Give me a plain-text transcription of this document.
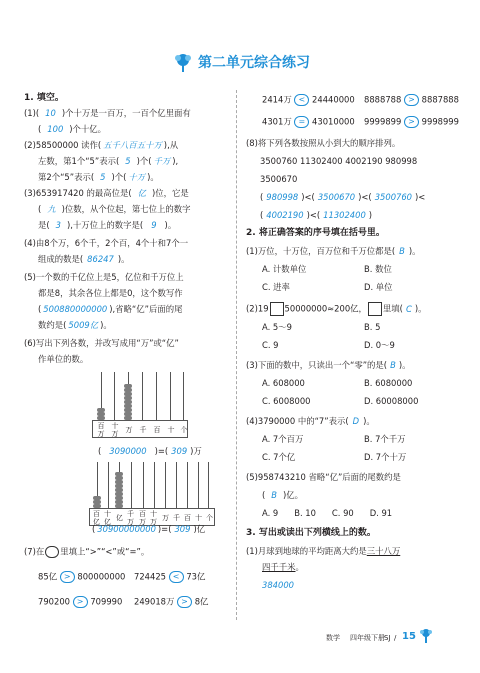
第二单元综合练习
1. 填空。
(1)( 10 )个十万是一百万，一百个亿里面有
( 100 )个十亿。
(2)58500000 读作( 五千八百五十万 ),从
左数，第1个“5”表示( 5 )个( 千万 ),
第2个“5”表示( 5 )个( 十万 )。
(3)653917420 的最高位是( 亿 )位，它是
( 九 )位数，从个位起，第七位上的数字
是( 3 ),十万位上的数字是( 9 )。
(4)由8个万，6个千，2个百，4个十和7个一
组成的数是( 86247 )。
(5)一个数的千亿位上是5，亿位和千万位上
都是8，其余各位上都是0，这个数写作
( 500880000000 ),省略“亿”后面的尾
数约是( 5009亿 )。
(6)写出下列各数，并改写成用“万”或“亿”
作单位的数。
百万
十万	万	千	百	十 个
( 3090000 )=( 309 )万
百亿
十亿 亿 千万
百万
十万 万 千 百 十 个
( 30900000000 )=( 309 )亿
(7)在 里填上“>”“<”或“=”。
85亿 > 800000000 724425 < 73亿
790200 > 709990 249018万 > 8亿
2414万 < 24440000 8888788 > 8887888
4301万 = 43010000 9999899 > 9998999
(8)将下列各数按照从小到大的顺序排列。
3500760 11302400 4002190 980998
3500670
( 980998 )<( 3500670 )<( 3500760 )<
( 4002190 )<( 11302400 )
2. 将正确答案的序号填在括号里。
(1)万位，十万位，百万位和千万位都是( B )。
A. 计数单位	B. 数位
C. 进率	D. 单位
(2)19 50000000≈200亿， 里填( C )。
A. 5～9	B. 5
C. 9	D. 0～9
(3)下面的数中，只读出一个“零”的是( B )。
A. 608000	B. 6080000
C. 6008000	D. 60008000
(4)3790000 中的“7”表示( D )。
A. 7个百万	B. 7个千万
C. 7个亿	D. 7个十万
(5)958743210 省略“亿”后面的尾数约是
( B )亿。
A. 9      B. 10      C. 90      D. 91
3. 写出或读出下列横线上的数。
(1)月球到地球的平均距离大约是三十八万
四千千米。
384000
数学 四年级下册 SJ / 15
